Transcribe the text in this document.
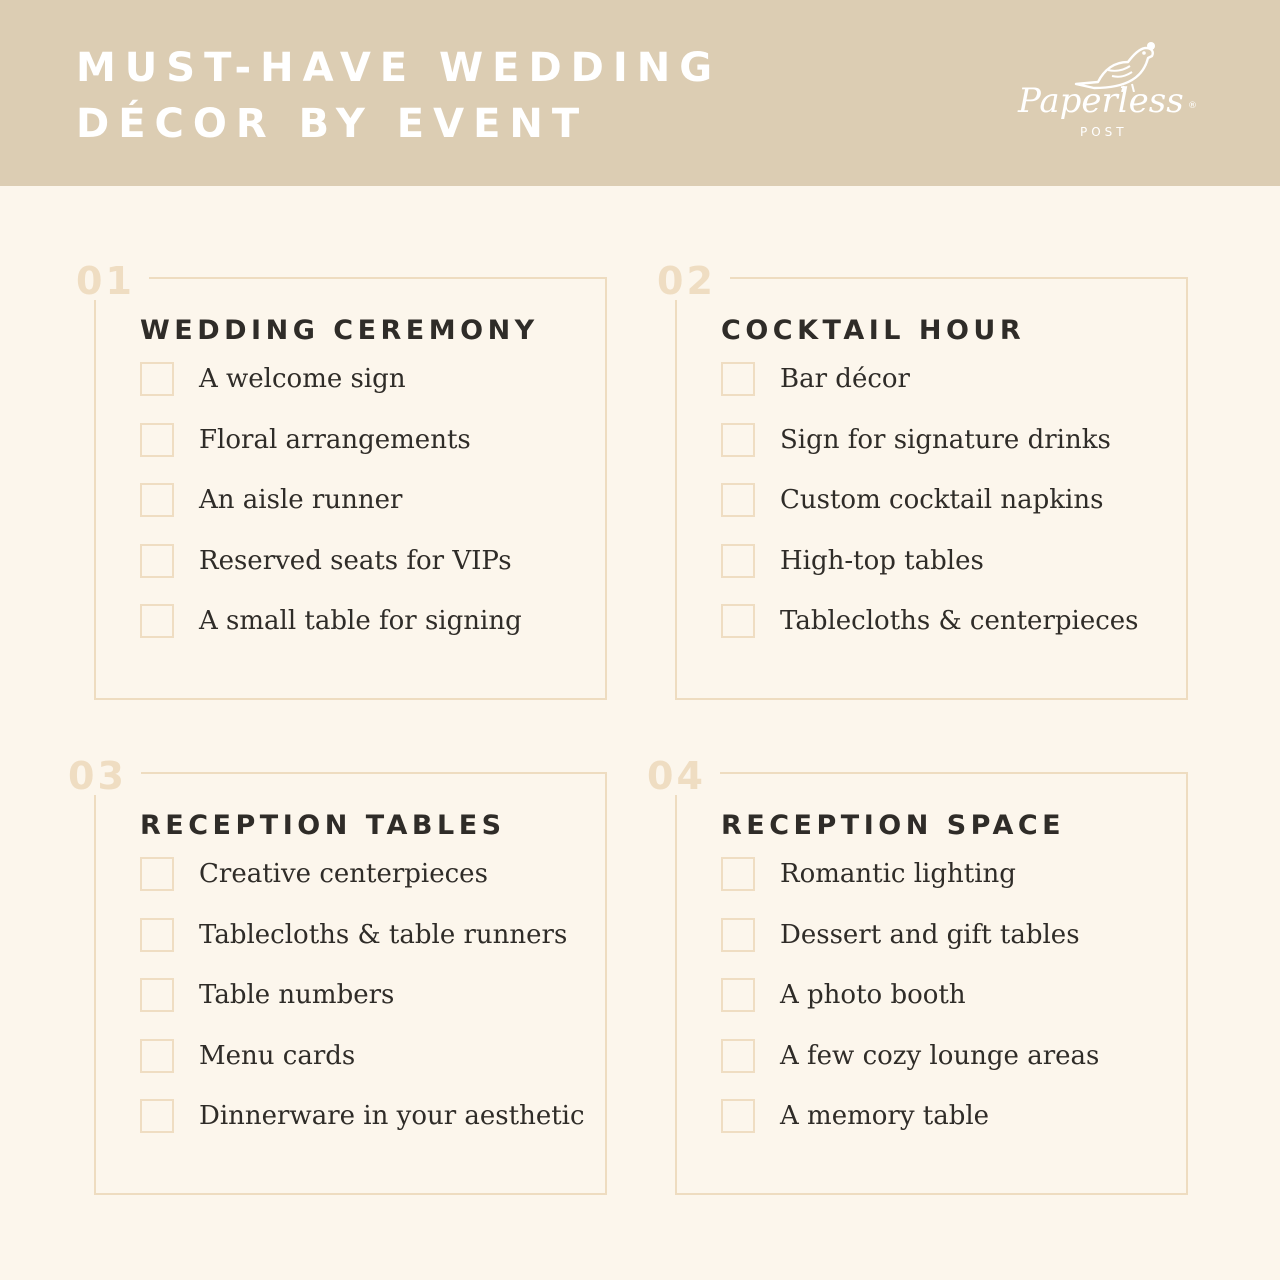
MUST-HAVE WEDDING
DÉCOR BY EVENT	Paperless ®
POST
01
WEDDING CEREMONY
A welcome sign
Floral arrangements
An aisle runner
Reserved seats for VIPs
A small table for signing
02
COCKTAIL HOUR
Bar décor
Sign for signature drinks
Custom cocktail napkins
High-top tables
Tablecloths & centerpieces
03
RECEPTION TABLES
Creative centerpieces
Tablecloths & table runners
Table numbers
Menu cards
Dinnerware in your aesthetic
04
RECEPTION SPACE
Romantic lighting
Dessert and gift tables
A photo booth
A few cozy lounge areas
A memory table
